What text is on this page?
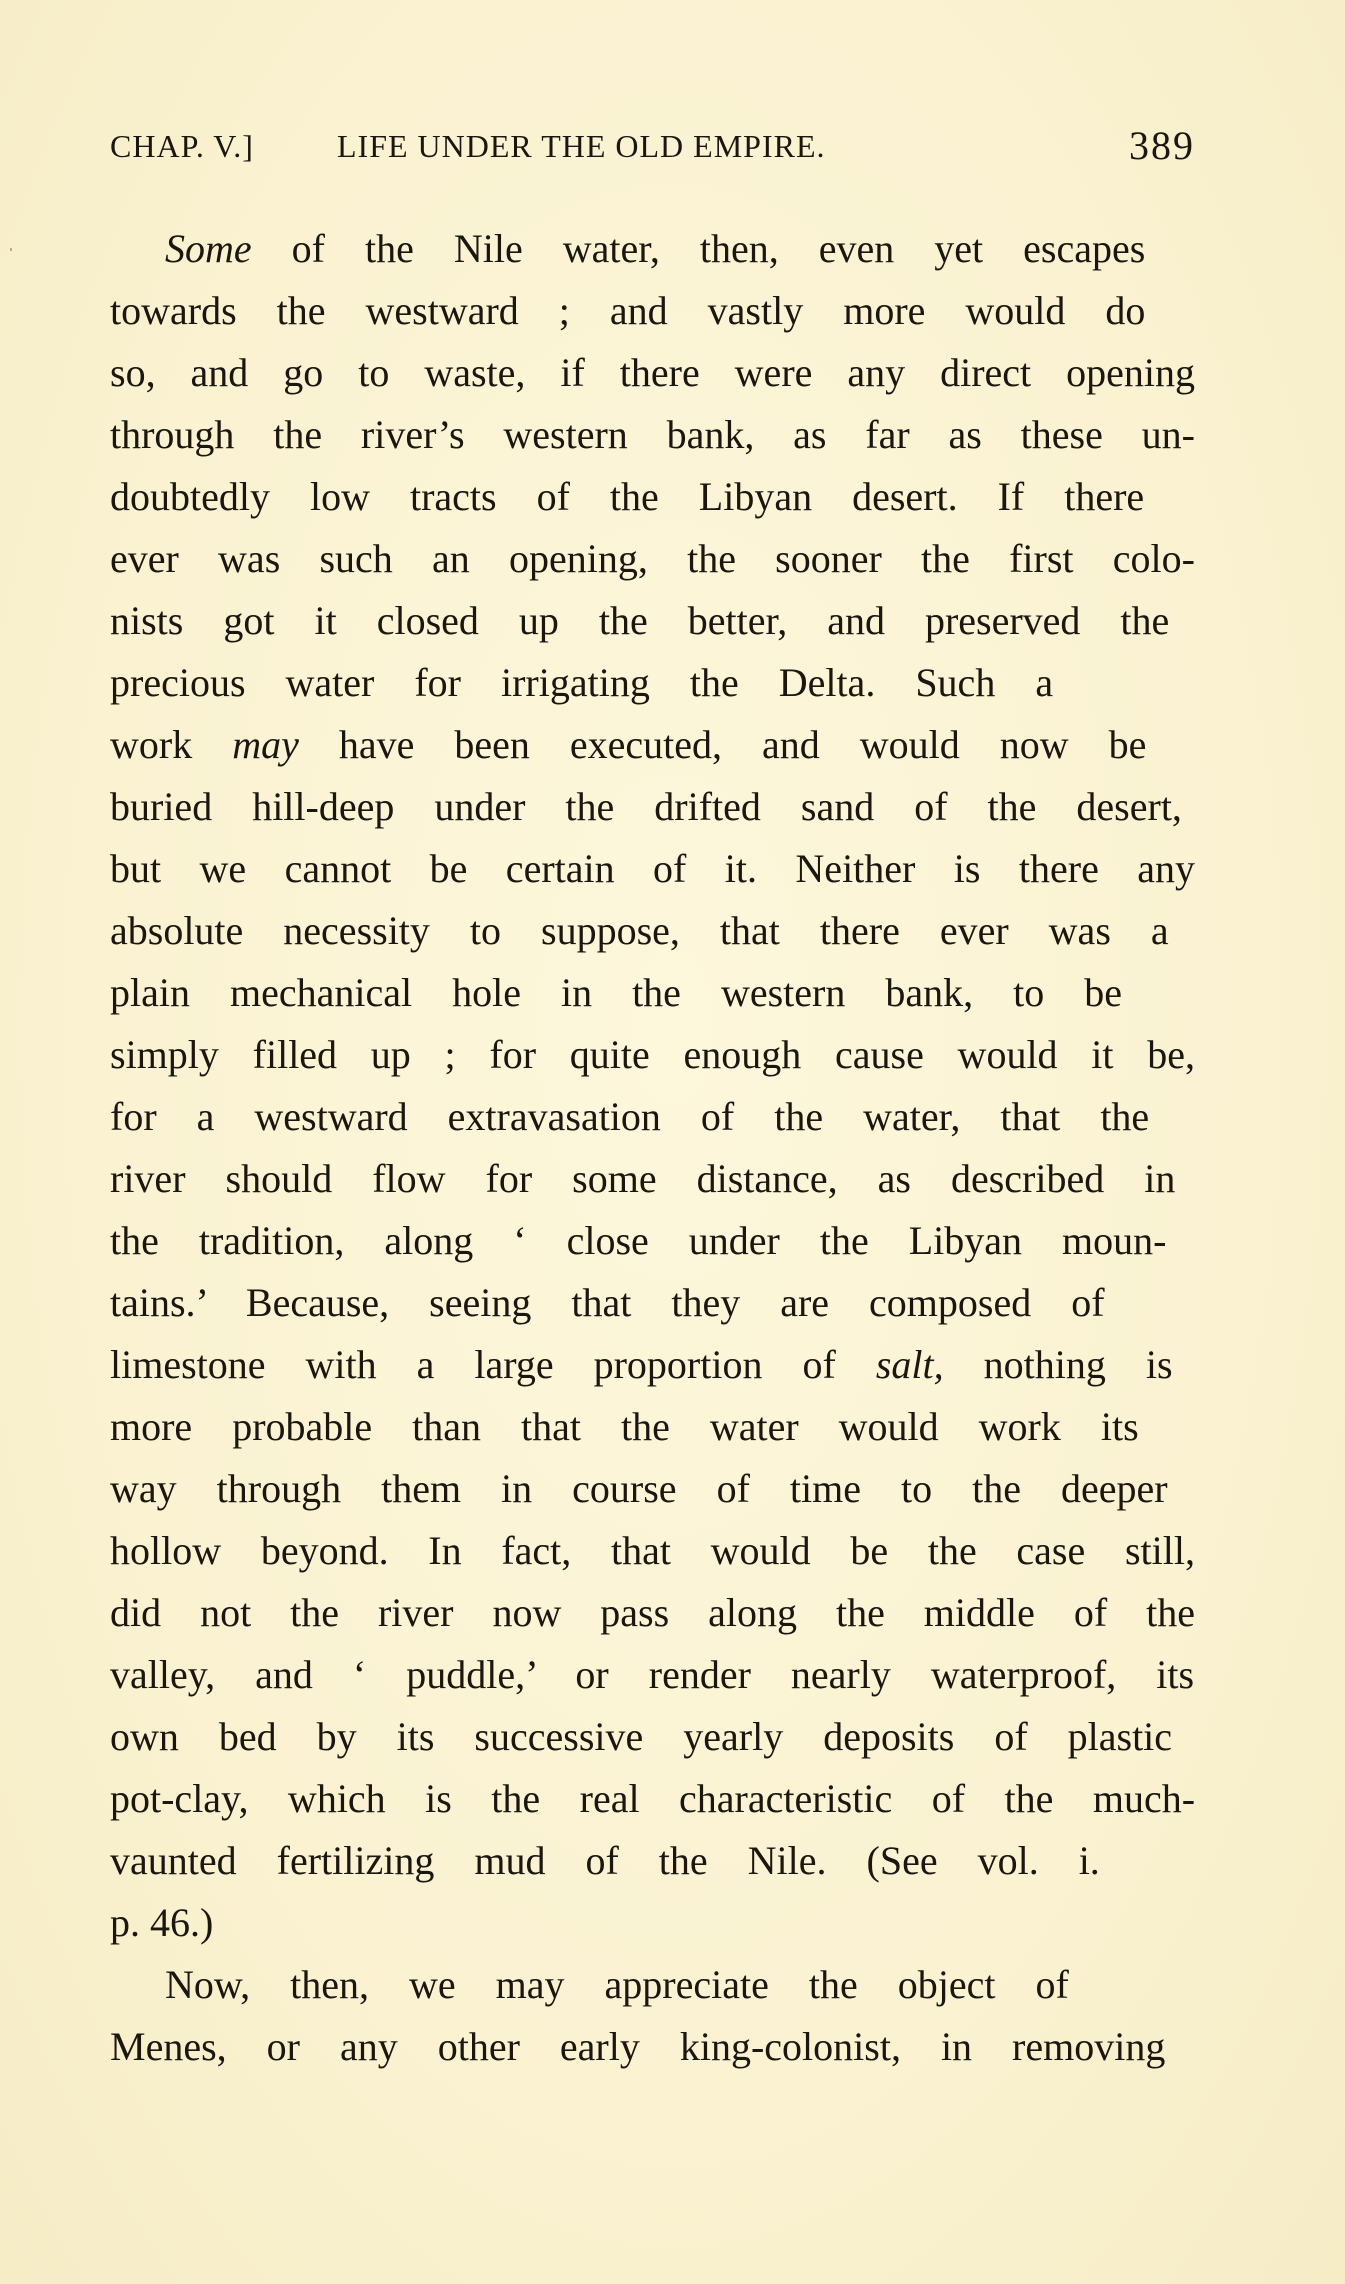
CHAP. V.]	LIFE UNDER THE OLD EMPIRE.	389
Some of the Nile water, then, even yet escapes
towards the westward ; and vastly more would do
so, and go to waste, if there were any direct opening
through the river’s western bank, as far as these un-
doubtedly low tracts of the Libyan desert. If there
ever was such an opening, the sooner the first colo-
nists got it closed up the better, and preserved the
precious water for irrigating the Delta. Such a
work may have been executed, and would now be
buried hill-deep under the drifted sand of the desert,
but we cannot be certain of it. Neither is there any
absolute necessity to suppose, that there ever was a
plain mechanical hole in the western bank, to be
simply filled up ; for quite enough cause would it be,
for a westward extravasation of the water, that the
river should flow for some distance, as described in
the tradition, along ‘ close under the Libyan moun-
tains.’ Because, seeing that they are composed of
limestone with a large proportion of salt, nothing is
more probable than that the water would work its
way through them in course of time to the deeper
hollow beyond. In fact, that would be the case still,
did not the river now pass along the middle of the
valley, and ‘ puddle,’ or render nearly waterproof, its
own bed by its successive yearly deposits of plastic
pot-clay, which is the real characteristic of the much-
vaunted fertilizing mud of the Nile. (See vol. i.
p. 46.)
Now, then, we may appreciate the object of
Menes, or any other early king-colonist, in removing
